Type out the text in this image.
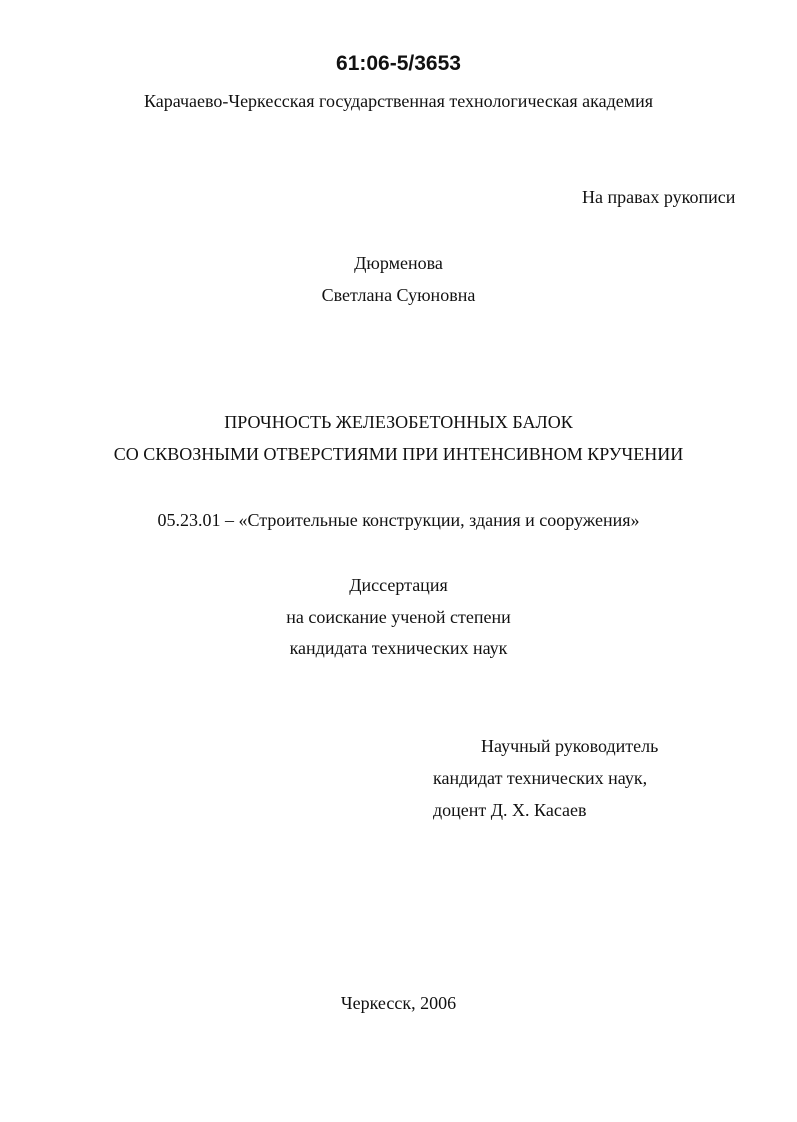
61:06-5/3653
Карачаево-Черкесская государственная технологическая академия
На правах рукописи
Дюрменова
Светлана Суюновна
ПРОЧНОСТЬ ЖЕЛЕЗОБЕТОННЫХ БАЛОК
СО СКВОЗНЫМИ ОТВЕРСТИЯМИ ПРИ ИНТЕНСИВНОМ КРУЧЕНИИ
05.23.01 – «Строительные конструкции, здания и сооружения»
Диссертация
на соискание ученой степени
кандидата технических наук
Научный руководитель
кандидат технических наук,
доцент Д. Х. Касаев
Черкесск, 2006
